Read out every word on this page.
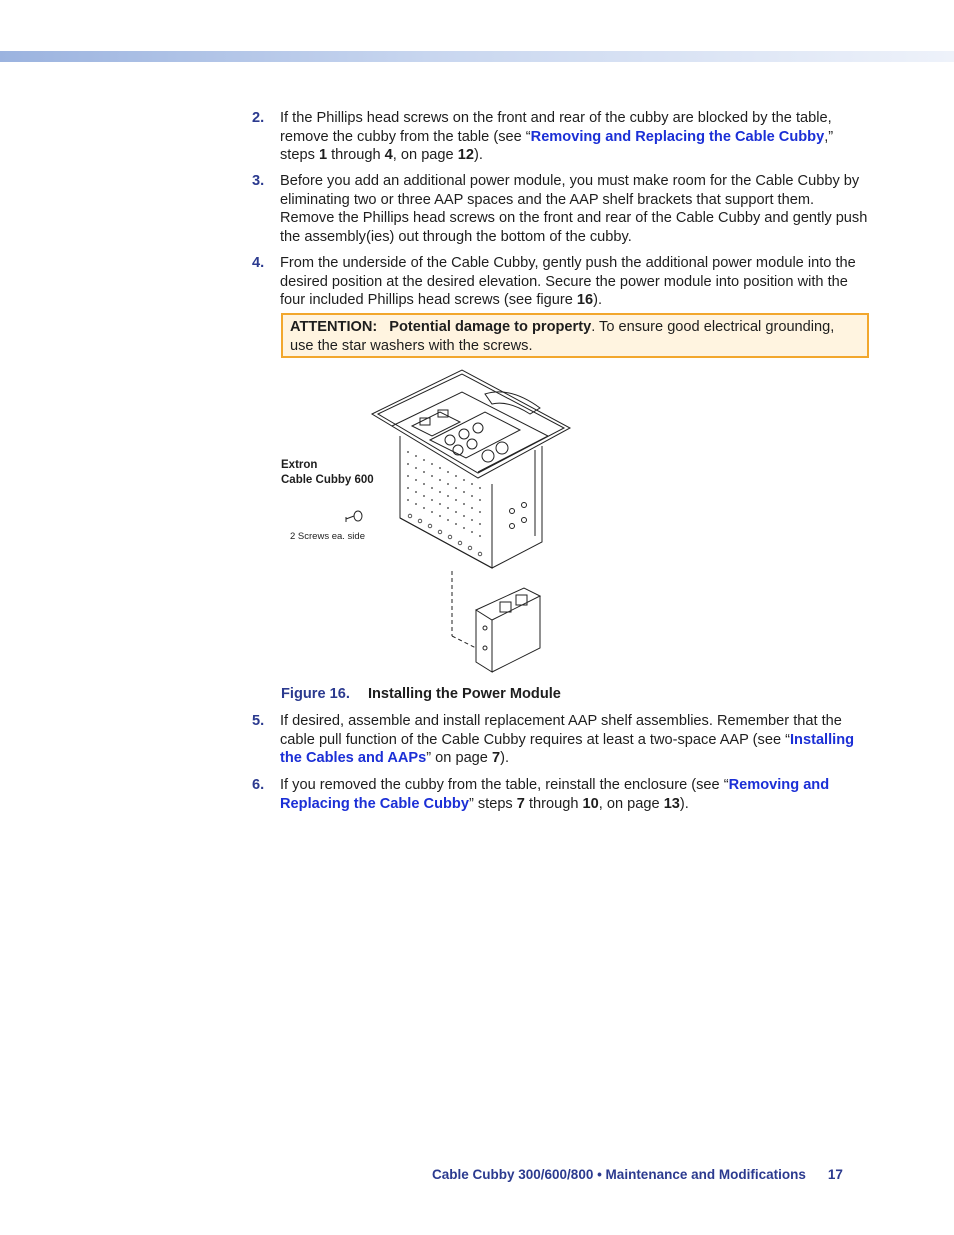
2. If the Phillips head screws on the front and rear of the cubby are blocked by the table, remove the cubby from the table (see “Removing and Replacing the Cable Cubby,” steps 1 through 4, on page 12).
3. Before you add an additional power module, you must make room for the Cable Cubby by eliminating two or three AAP spaces and the AAP shelf brackets that support them. Remove the Phillips head screws on the front and rear of the Cable Cubby and gently push the assembly(ies) out through the bottom of the cubby.
4. From the underside of the Cable Cubby, gently push the additional power module into the desired position at the desired elevation. Secure the power module into position with the four included Phillips head screws (see figure 16).
ATTENTION: Potential damage to property. To ensure good electrical grounding, use the star washers with the screws.
Extron
Cable Cubby 600
2 Screws ea. side
Figure 16. Installing the Power Module
5. If desired, assemble and install replacement AAP shelf assemblies. Remember that the cable pull function of the Cable Cubby requires at least a two-space AAP (see “Installing the Cables and AAPs” on page 7).
6. If you removed the cubby from the table, reinstall the enclosure (see “Removing and Replacing the Cable Cubby” steps 7 through 10, on page 13).
Cable Cubby 300/600/800 • Maintenance and Modifications 17
